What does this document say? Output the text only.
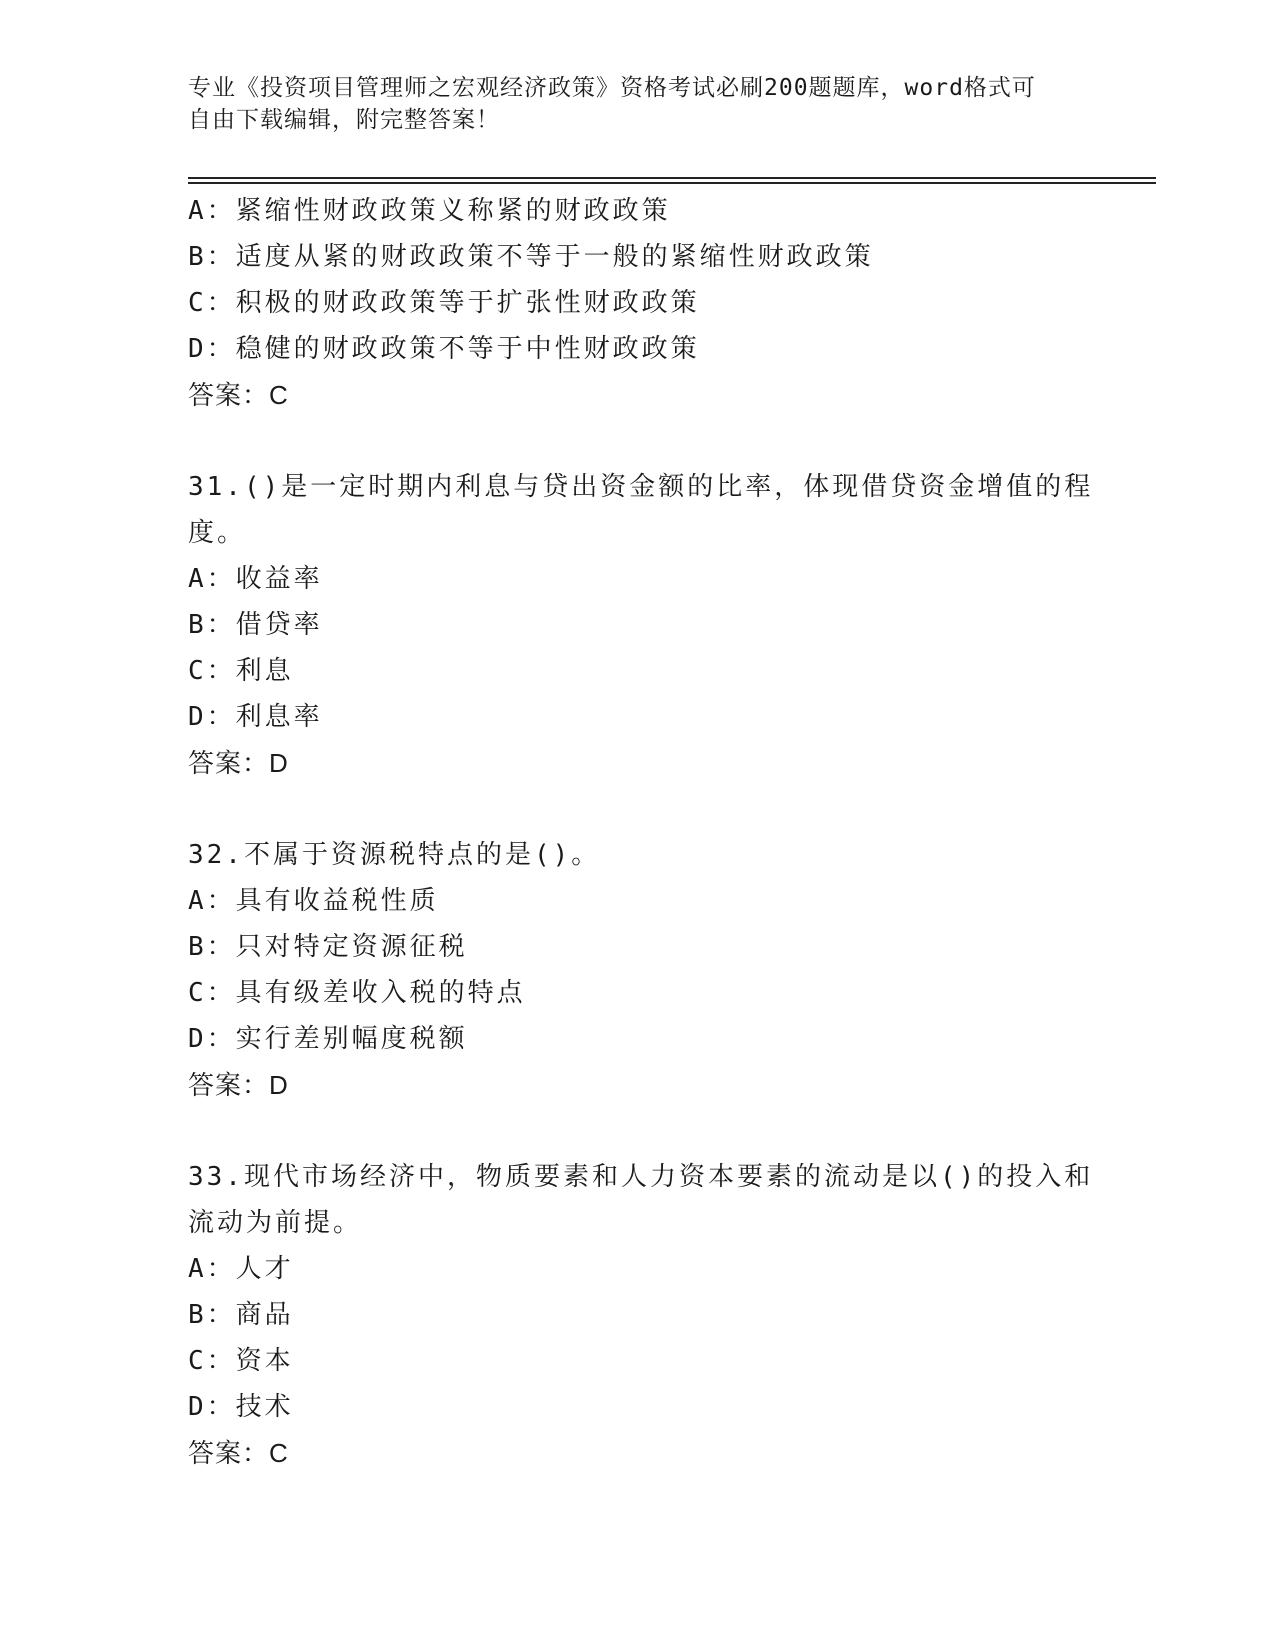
专业《投资项目管理师之宏观经济政策》资格考试必刷200题题库，word格式可
自由下载编辑，附完整答案！
A：紧缩性财政政策义称紧的财政政策
B：适度从紧的财政政策不等于一般的紧缩性财政政策
C：积极的财政政策等于扩张性财政政策
D：稳健的财政政策不等于中性财政政策
答案：C
31.()是一定时期内利息与贷出资金额的比率，体现借贷资金增值的程
度。
A：收益率
B：借贷率
C：利息
D：利息率
答案：D
32.不属于资源税特点的是()。
A：具有收益税性质
B：只对特定资源征税
C：具有级差收入税的特点
D：实行差别幅度税额
答案：D
33.现代市场经济中，物质要素和人力资本要素的流动是以()的投入和
流动为前提。
A：人才
B：商品
C：资本
D：技术
答案：C
